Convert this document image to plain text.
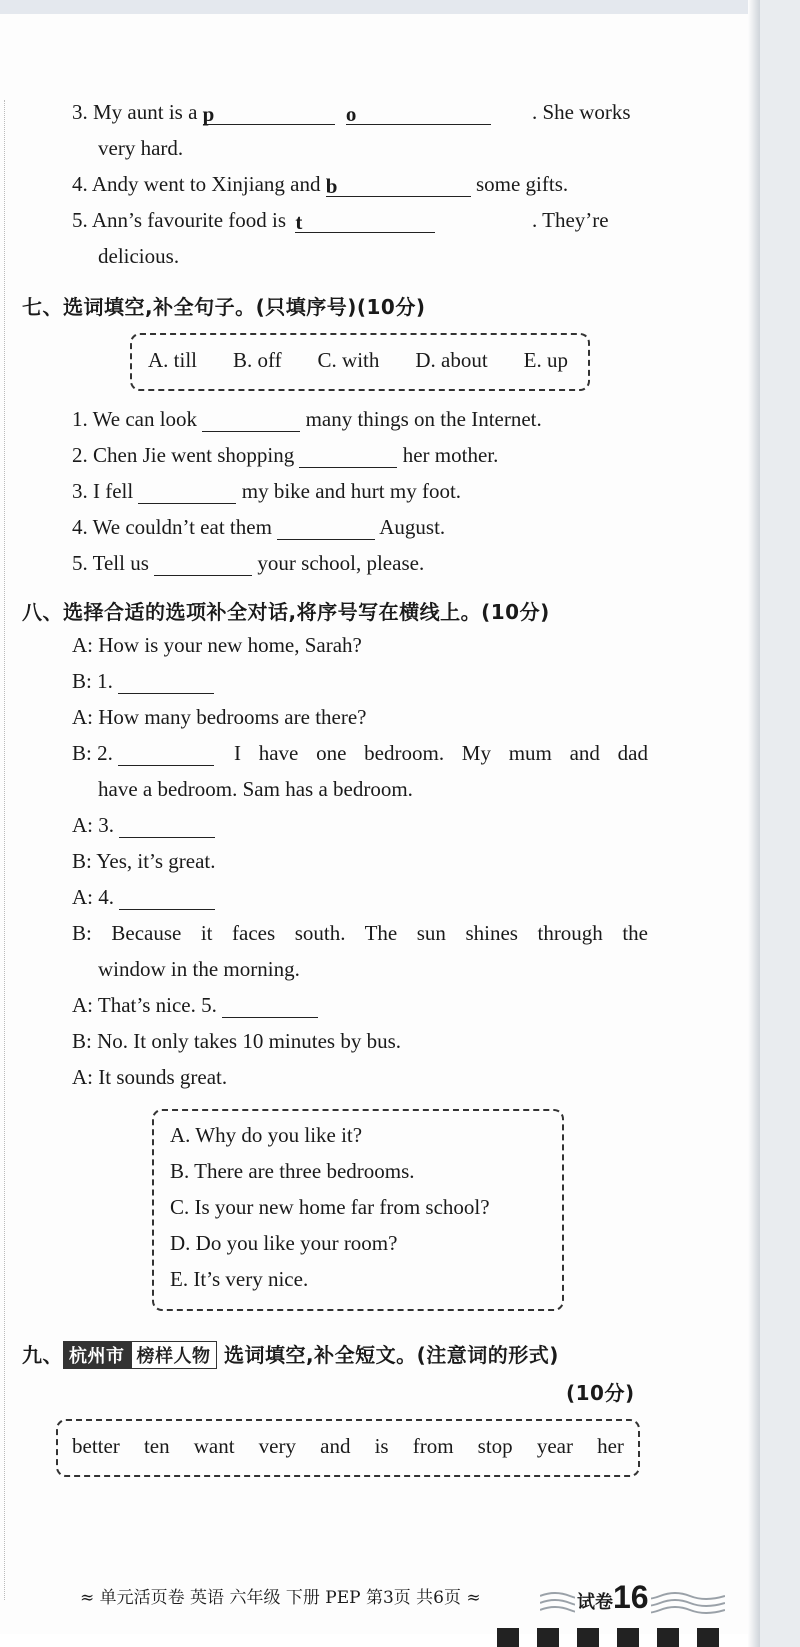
3. My aunt is a p	o	. She works
very hard.
4. Andy went to Xinjiang and b	some gifts.
5. Ann’s favourite food is t	. They’re
delicious.
七、选词填空,补全句子。(只填序号)(10分)
A. till B. off C. with D. about E. up
1. We can look	many things on the Internet.
2. Chen Jie went shopping	her mother.
3. I fell	my bike and hurt my foot.
4. We couldn’t eat them	August.
5. Tell us	your school, please.
八、选择合适的选项补全对话,将序号写在横线上。(10分)
A: How is your new home, Sarah?
B: 1.
A: How many bedrooms are there?
B: 2.	I have one bedroom. My mum and dad
have a bedroom. Sam has a bedroom.
A: 3.
B: Yes, it’s great.
A: 4.
B: Because it faces south. The sun shines through the
window in the morning.
A: That’s nice. 5.
B: No. It only takes 10 minutes by bus.
A: It sounds great.
A. Why do you like it?
B. There are three bedrooms.
C. Is your new home far from school?
D. Do you like your room?
E. It’s very nice.
九、 杭州市 榜样人物 选词填空,补全短文。(注意词的形式)
(10分)
better ten want very and is from stop year her
≈ 单元活页卷 英语 六年级 下册 PEP 第3页 共6页 ≈	试卷16
